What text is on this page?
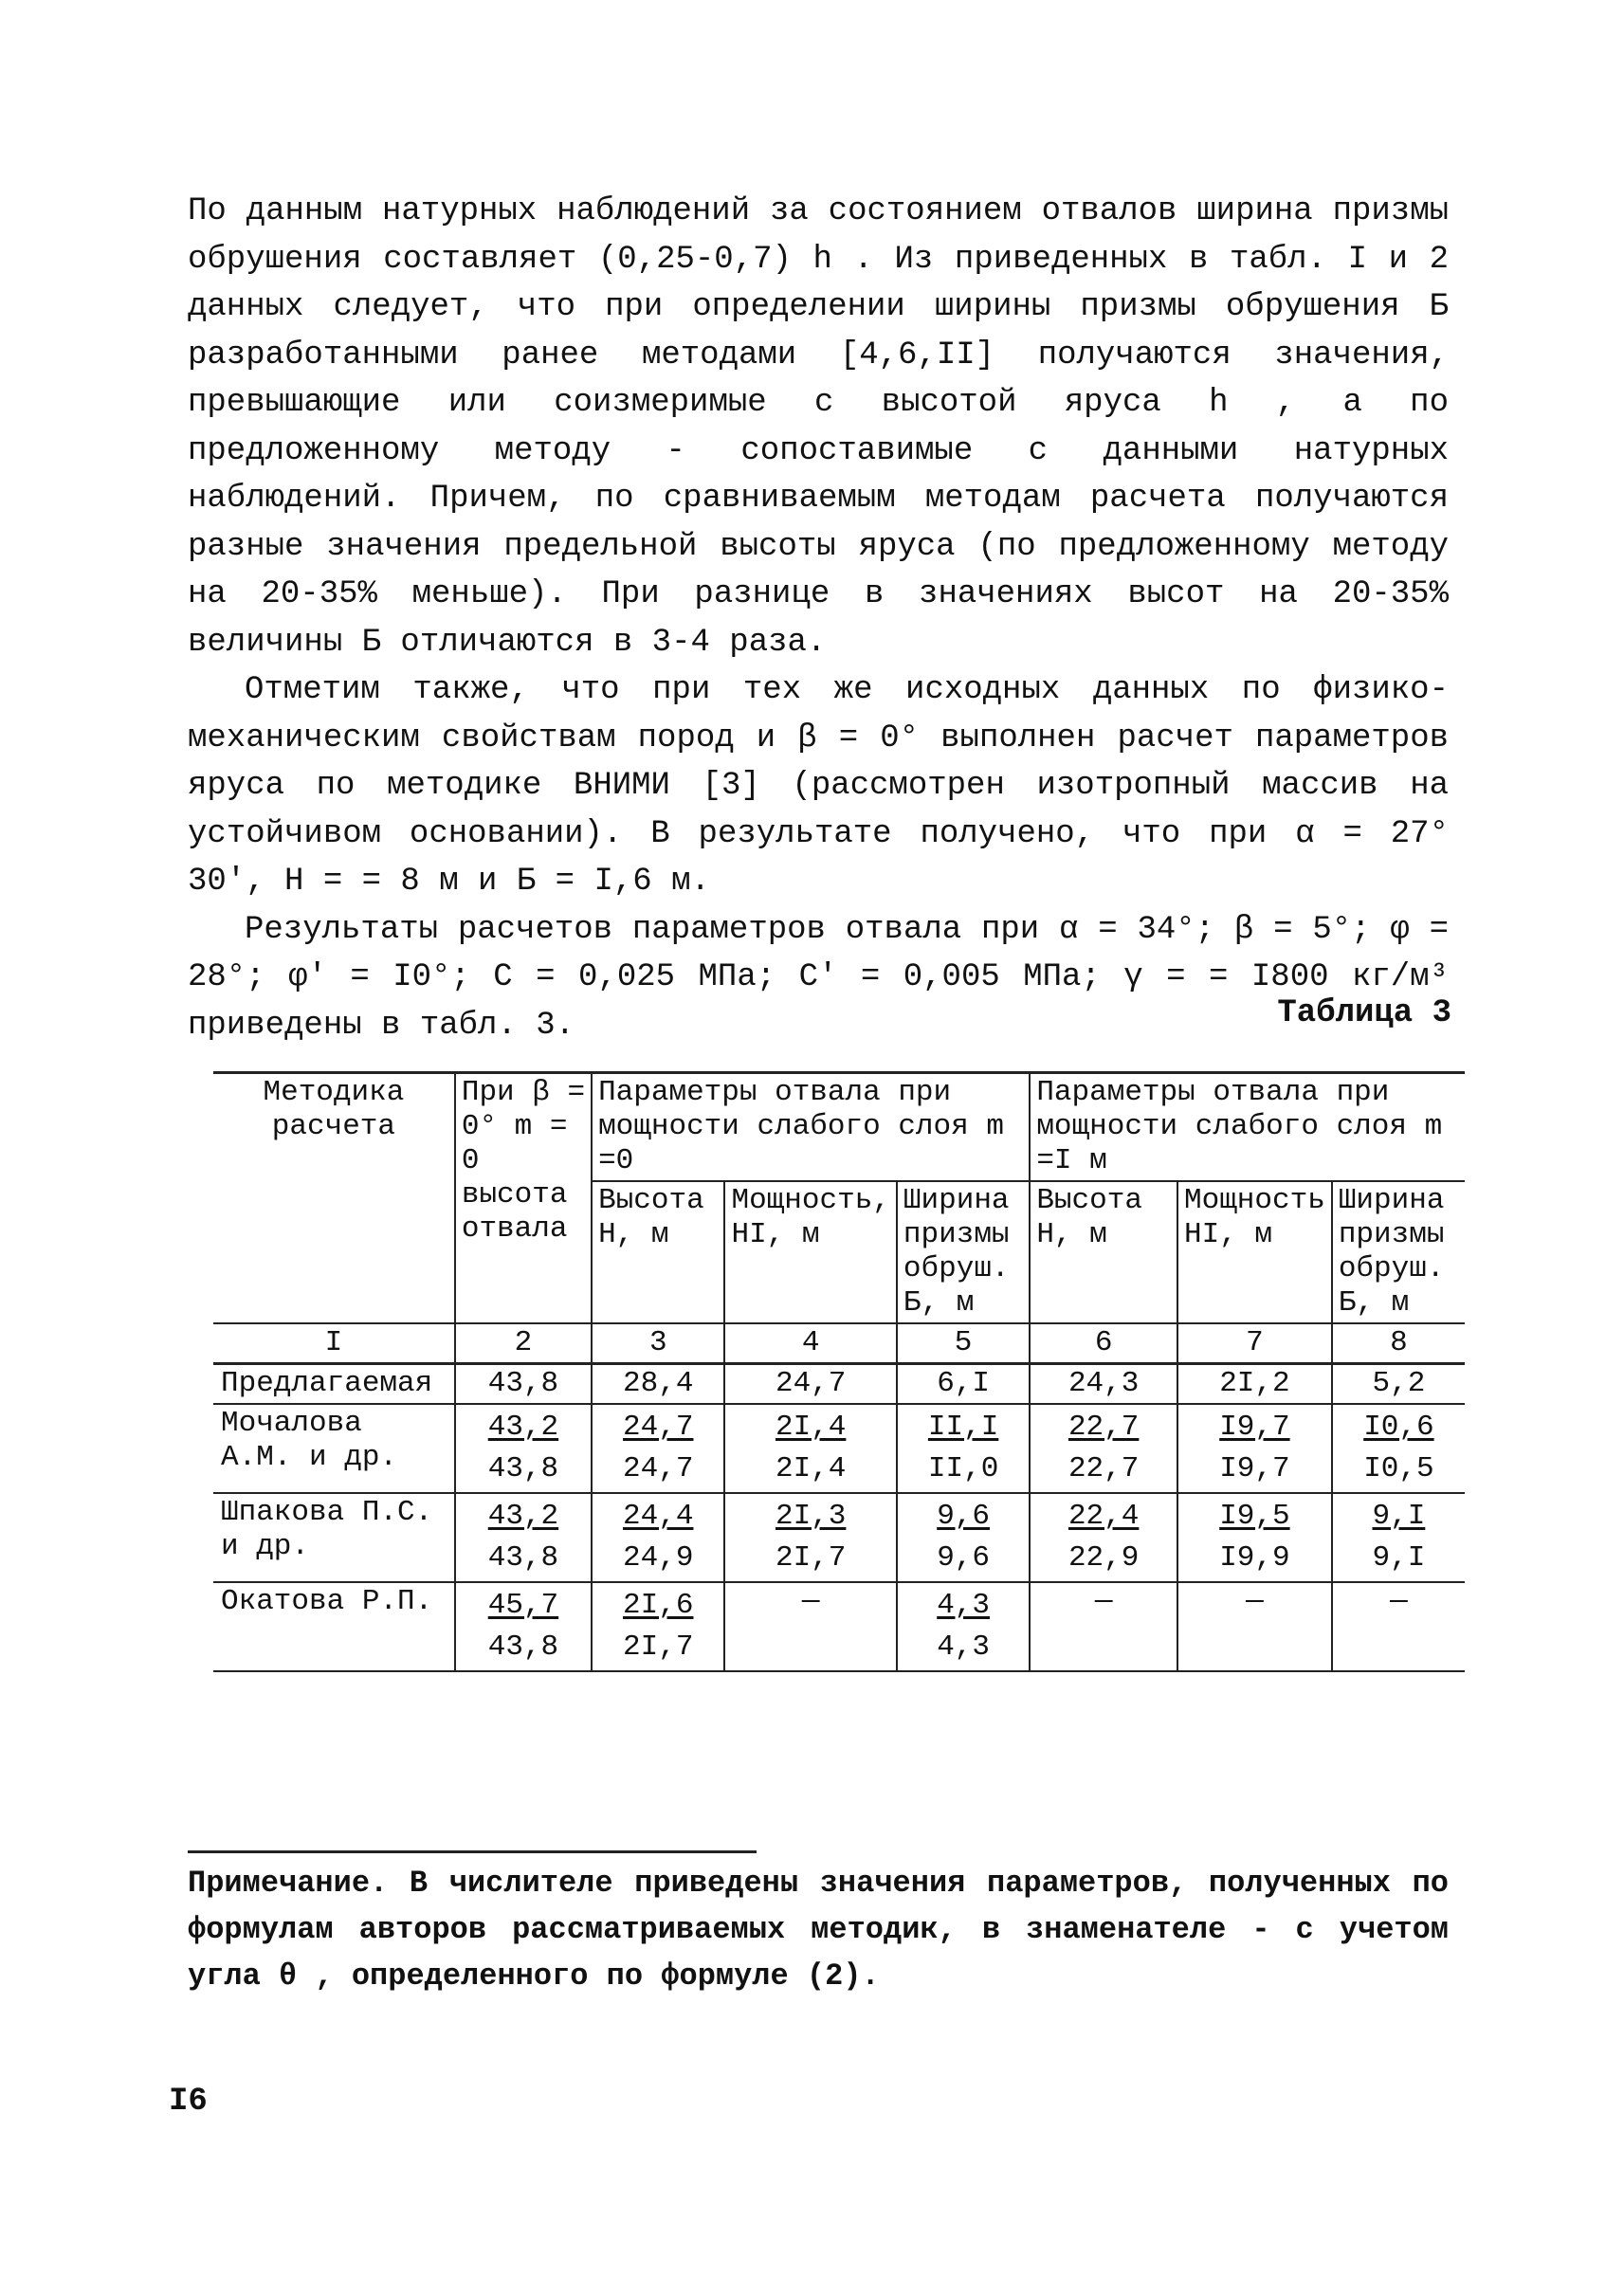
По данным натурных наблюдений за состоянием отвалов ширина призмы обрушения составляет (0,25-0,7) h . Из приведенных в табл. I и 2 данных следует, что при определении ширины призмы обрушения Б разработанными ранее методами [4,6,II] получаются значения, превышающие или соизмеримые с высотой яруса h , а по предложенному методу - сопоставимые с данными натурных наблюдений. Причем, по сравниваемым методам расчета получаются разные значения предельной высоты яруса (по предложенному методу на 20-35% меньше). При разнице в значениях высот на 20-35% величины Б отличаются в 3-4 раза.

Отметим также, что при тех же исходных данных по физико-механическим свойствам пород и β = 0° выполнен расчет параметров яруса по методике ВНИМИ [3] (рассмотрен изотропный массив на устойчивом основании). В результате получено, что при α = 27° 30′, H = = 8 м и Б = I,6 м.

Результаты расчетов параметров отвала при α = 34°; β = 5°; φ = 28°; φ′ = I0°; C = 0,025 МПа; C′ = 0,005 МПа; γ = = I800 кг/м³ приведены в табл. 3.	Таблица 3
Методика расчета	При β = 0° m = 0 высота отвала	Параметры отвала при мощности слабого слоя m =0			Параметры отвала при мощности слабого слоя m =I м		
		Высота H, м	Мощность, HI, м	Ширина призмы обруш. Б, м	Высота H, м	Мощность HI, м	Ширина призмы обруш. Б, м
I	2	3	4	5	6	7	8
Предлагаемая	43,8	28,4	24,7	6,I	24,3	2I,2	5,2
Мочалова А.М. и др.	$\frac{43,2}{43,8}$	$\frac{24,7}{24,7}$	$\frac{2I,4}{2I,4}$	$\frac{II,I}{II,0}$	$\frac{22,7}{22,7}$	$\frac{I9,7}{I9,7}$	$\frac{I0,6}{I0,5}$

Шпакова П.С. и др.	$\frac{43,2}{43,8}$	$\frac{24,4}{24,9}$	$\frac{2I,3}{2I,7}$	$\frac{9,6}{9,6}$	$\frac{22,4}{22,9}$	$\frac{I9,5}{I9,9}$	$\frac{9,I}{9,I}$

Окатова Р.П.	$\frac{45,7}{43,8}$	$\frac{2I,6}{2I,7}$	—	$\frac{4,3}{4,3}$	—	—	—
Примечание. В числителе приведены значения параметров, полученных по формулам авторов рассматриваемых методик, в знаменателе - с учетом угла θ , определенного по формуле (2).
I6
